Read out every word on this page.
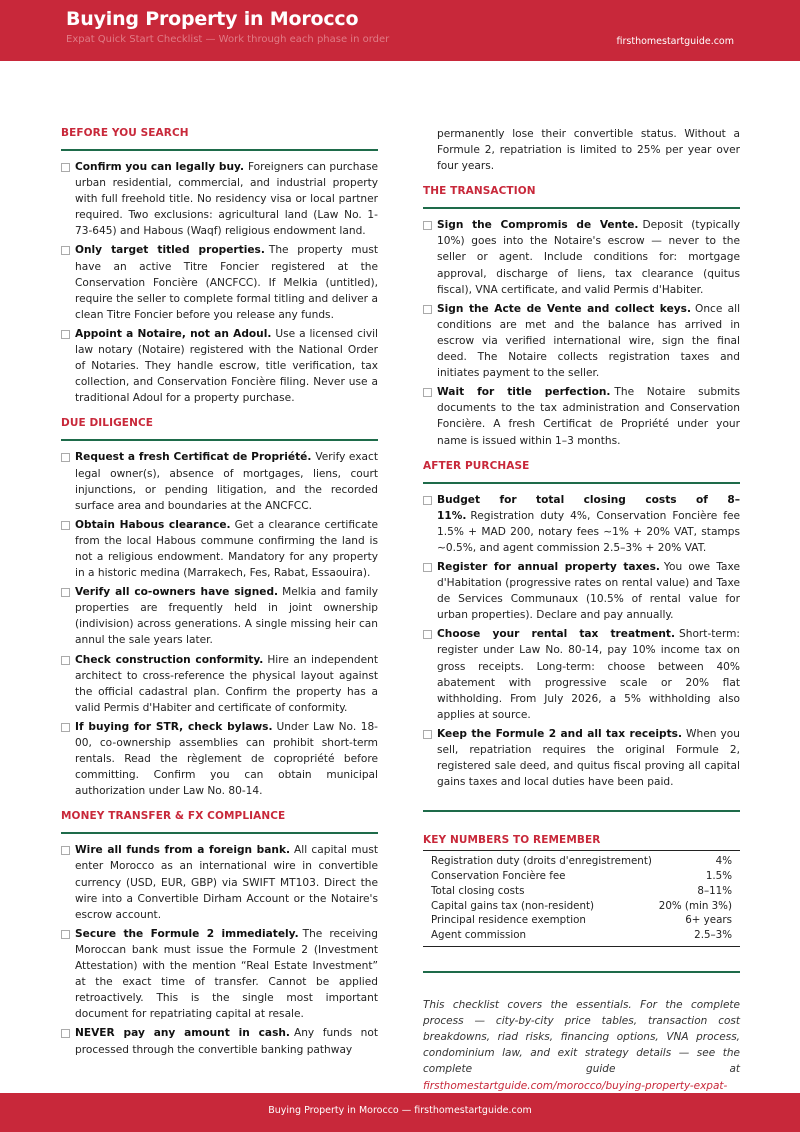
Buying Property in Morocco
Expat Quick Start Checklist — Work through each phase in order	firsthomestartguide.com
BEFORE YOU SEARCH
Confirm you can legally buy. Foreigners can purchase urban residential, commercial, and industrial property with full freehold title. No residency visa or local partner required. Two exclusions: agricultural land (Law No. 1-73-645) and Habous (Waqf) religious endowment land.
Only target titled properties. The property must have an active Titre Foncier registered at the Conservation Foncière (ANCFCC). If Melkia (untitled), require the seller to complete formal titling and deliver a clean Titre Foncier before you release any funds.
Appoint a Notaire, not an Adoul. Use a licensed civil law notary (Notaire) registered with the National Order of Notaries. They handle escrow, title verification, tax collection, and Conservation Foncière filing. Never use a traditional Adoul for a property purchase.
DUE DILIGENCE
Request a fresh Certificat de Propriété. Verify exact legal owner(s), absence of mortgages, liens, court injunctions, or pending litigation, and the recorded surface area and boundaries at the ANCFCC.
Obtain Habous clearance. Get a clearance certificate from the local Habous commune confirming the land is not a religious endowment. Mandatory for any property in a historic medina (Marrakech, Fes, Rabat, Essaouira).
Verify all co-owners have signed. Melkia and family properties are frequently held in joint ownership (indivision) across generations. A single missing heir can annul the sale years later.
Check construction conformity. Hire an independent architect to cross-reference the physical layout against the official cadastral plan. Confirm the property has a valid Permis d'Habiter and certificate of conformity.
If buying for STR, check bylaws. Under Law No. 18-00, co-ownership assemblies can prohibit short-term rentals. Read the règlement de copropriété before committing. Confirm you can obtain municipal authorization under Law No. 80-14.
MONEY TRANSFER & FX COMPLIANCE
Wire all funds from a foreign bank. All capital must enter Morocco as an international wire in convertible currency (USD, EUR, GBP) via SWIFT MT103. Direct the wire into a Convertible Dirham Account or the Notaire's escrow account.
Secure the Formule 2 immediately. The receiving Moroccan bank must issue the Formule 2 (Investment Attestation) with the mention “Real Estate Investment” at the exact time of transfer. Cannot be applied retroactively. This is the single most important document for repatriating capital at resale.
NEVER pay any amount in cash. Any funds not processed through the convertible banking pathway
permanently lose their convertible status. Without a Formule 2, repatriation is limited to 25% per year over four years.
THE TRANSACTION
Sign the Compromis de Vente. Deposit (typically 10%) goes into the Notaire's escrow — never to the seller or agent. Include conditions for: mortgage approval, discharge of liens, tax clearance (quitus fiscal), VNA certificate, and valid Permis d'Habiter.
Sign the Acte de Vente and collect keys. Once all conditions are met and the balance has arrived in escrow via verified international wire, sign the final deed. The Notaire collects registration taxes and initiates payment to the seller.
Wait for title perfection. The Notaire submits documents to the tax administration and Conservation Foncière. A fresh Certificat de Propriété under your name is issued within 1–3 months.
AFTER PURCHASE
Budget for total closing costs of 8–11%. Registration duty 4%, Conservation Foncière fee 1.5% + MAD 200, notary fees ∼1% + 20% VAT, stamps ∼0.5%, and agent commission 2.5–3% + 20% VAT.
Register for annual property taxes. You owe Taxe d'Habitation (progressive rates on rental value) and Taxe de Services Communaux (10.5% of rental value for urban properties). Declare and pay annually.
Choose your rental tax treatment. Short-term: register under Law No. 80-14, pay 10% income tax on gross receipts. Long-term: choose between 40% abatement with progressive scale or 20% flat withholding. From July 2026, a 5% withholding also applies at source.
Keep the Formule 2 and all tax receipts. When you sell, repatriation requires the original Formule 2, registered sale deed, and quitus fiscal proving all capital gains taxes and local duties have been paid.
KEY NUMBERS TO REMEMBER
Registration duty (droits d'enregistrement)	4%
Conservation Foncière fee	1.5%
Total closing costs	8–11%
Capital gains tax (non-resident)	20% (min 3%)
Principal residence exemption	6+ years
Agent commission	2.5–3%
This checklist covers the essentials. For the complete process — city-by-city price tables, transaction cost breakdowns, riad risks, financing options, VNA process, condominium law, and exit strategy details — see the complete guide at firsthomestartguide.com/morocco/buying-property-expat-
Buying Property in Morocco — firsthomestartguide.com
